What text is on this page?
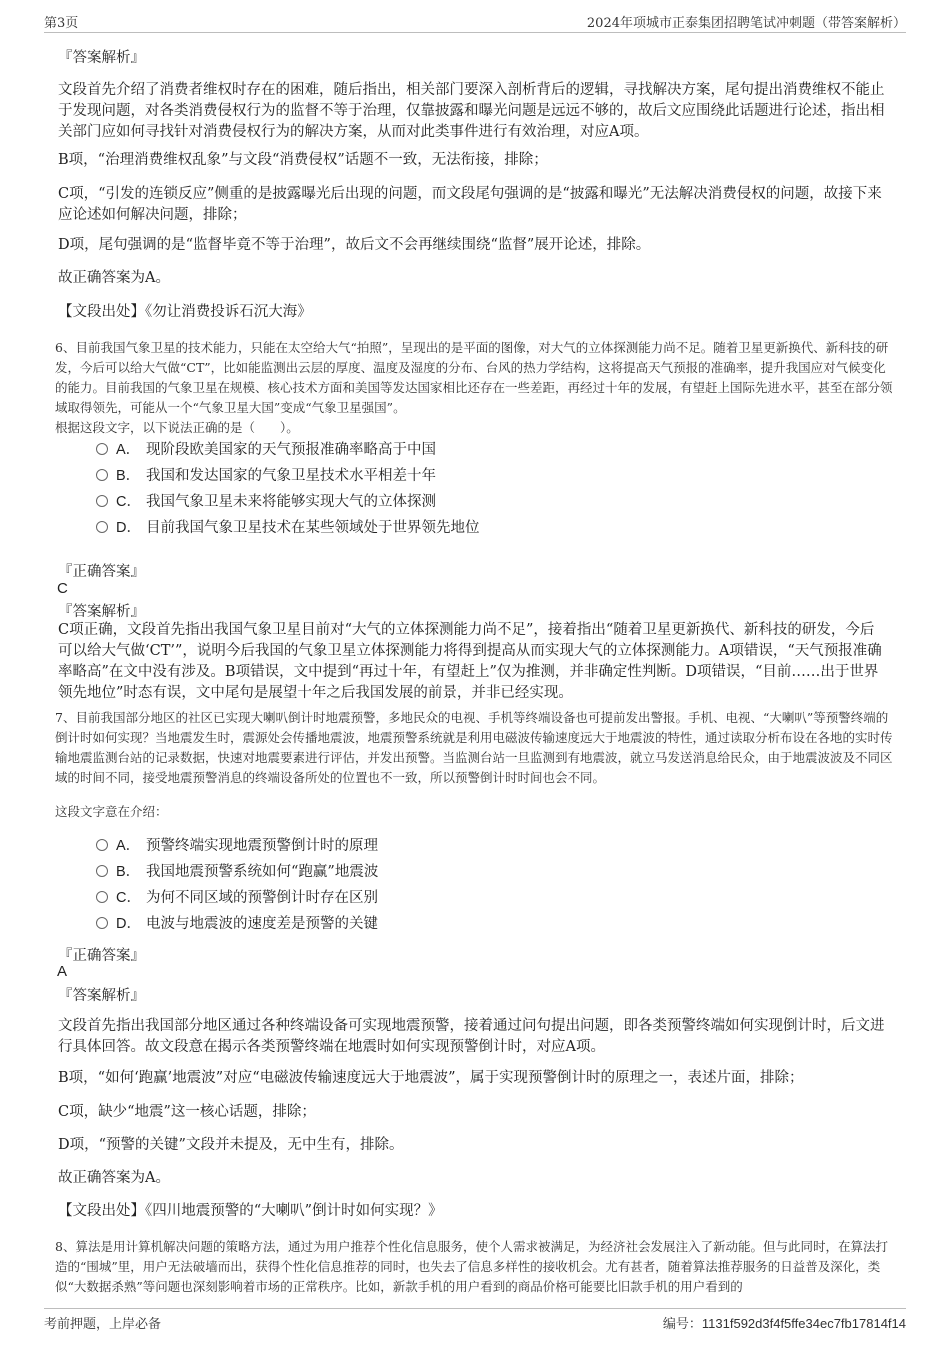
第3页	2024年项城市正泰集团招聘笔试冲刺题（带答案解析）
『答案解析』
文段首先介绍了消费者维权时存在的困难，随后指出，相关部门要深入剖析背后的逻辑，寻找解决方案，尾句提出消费维权不能止于发现问题，对各类消费侵权行为的监督不等于治理，仅靠披露和曝光问题是远远不够的，故后文应围绕此话题进行论述，指出相关部门应如何寻找针对消费侵权行为的解决方案，从而对此类事件进行有效治理，对应A项。
B项，“治理消费维权乱象”与文段“消费侵权”话题不一致，无法衔接，排除；
C项，“引发的连锁反应”侧重的是披露曝光后出现的问题，而文段尾句强调的是“披露和曝光”无法解决消费侵权的问题，故接下来应论述如何解决问题，排除；
D项，尾句强调的是“监督毕竟不等于治理”，故后文不会再继续围绕“监督”展开论述，排除。
故正确答案为A。
【文段出处】《勿让消费投诉石沉大海》
6、目前我国气象卫星的技术能力，只能在太空给大气“拍照”，呈现出的是平面的图像，对大气的立体探测能力尚不足。随着卫星更新换代、新科技的研发，今后可以给大气做“CT”，比如能监测出云层的厚度、温度及湿度的分布、台风的热力学结构，这将提高天气预报的准确率，提升我国应对气候变化的能力。目前我国的气象卫星在规模、核心技术方面和美国等发达国家相比还存在一些差距，再经过十年的发展，有望赶上国际先进水平，甚至在部分领域取得领先，可能从一个“气象卫星大国”变成“气象卫星强国”。
根据这段文字，以下说法正确的是（　　）。
A． 现阶段欧美国家的天气预报准确率略高于中国
B． 我国和发达国家的气象卫星技术水平相差十年
C． 我国气象卫星未来将能够实现大气的立体探测
D． 目前我国气象卫星技术在某些领域处于世界领先地位
『正确答案』
C
『答案解析』
C项正确，文段首先指出我国气象卫星目前对“大气的立体探测能力尚不足”，接着指出“随着卫星更新换代、新科技的研发，今后可以给大气做‘CT’”，说明今后我国的气象卫星立体探测能力将得到提高从而实现大气的立体探测能力。A项错误，“天气预报准确率略高”在文中没有涉及。B项错误，文中提到“再过十年，有望赶上”仅为推测，并非确定性判断。D项错误，“目前……出于世界领先地位”时态有误，文中尾句是展望十年之后我国发展的前景，并非已经实现。
7、目前我国部分地区的社区已实现大喇叭倒计时地震预警，多地民众的电视、手机等终端设备也可提前发出警报。手机、电视、“大喇叭”等预警终端的倒计时如何实现？当地震发生时，震源处会传播地震波，地震预警系统就是利用电磁波传输速度远大于地震波的特性，通过读取分析布设在各地的实时传输地震监测台站的记录数据，快速对地震要素进行评估，并发出预警。当监测台站一旦监测到有地震波，就立马发送消息给民众，由于地震波波及不同区域的时间不同，接受地震预警消息的终端设备所处的位置也不一致，所以预警倒计时时间也会不同。
这段文字意在介绍：
A． 预警终端实现地震预警倒计时的原理
B． 我国地震预警系统如何“跑赢”地震波
C． 为何不同区域的预警倒计时存在区别
D． 电波与地震波的速度差是预警的关键
『正确答案』
A
『答案解析』
文段首先指出我国部分地区通过各种终端设备可实现地震预警，接着通过问句提出问题，即各类预警终端如何实现倒计时，后文进行具体回答。故文段意在揭示各类预警终端在地震时如何实现预警倒计时，对应A项。
B项，“如何‘跑赢’地震波”对应“电磁波传输速度远大于地震波”，属于实现预警倒计时的原理之一，表述片面，排除；
C项，缺少“地震”这一核心话题，排除；
D项，“预警的关键”文段并未提及，无中生有，排除。
故正确答案为A。
【文段出处】《四川地震预警的“大喇叭”倒计时如何实现？》
8、算法是用计算机解决问题的策略方法，通过为用户推荐个性化信息服务，使个人需求被满足，为经济社会发展注入了新动能。但与此同时，在算法打造的“围城”里，用户无法破墙而出，获得个性化信息推荐的同时，也失去了信息多样性的接收机会。尤有甚者，随着算法推荐服务的日益普及深化，类似“大数据杀熟”等问题也深刻影响着市场的正常秩序。比如，新款手机的用户看到的商品价格可能要比旧款手机的用户看到的
考前押题，上岸必备	编号：1131f592d3f4f5ffe34ec7fb17814f14
